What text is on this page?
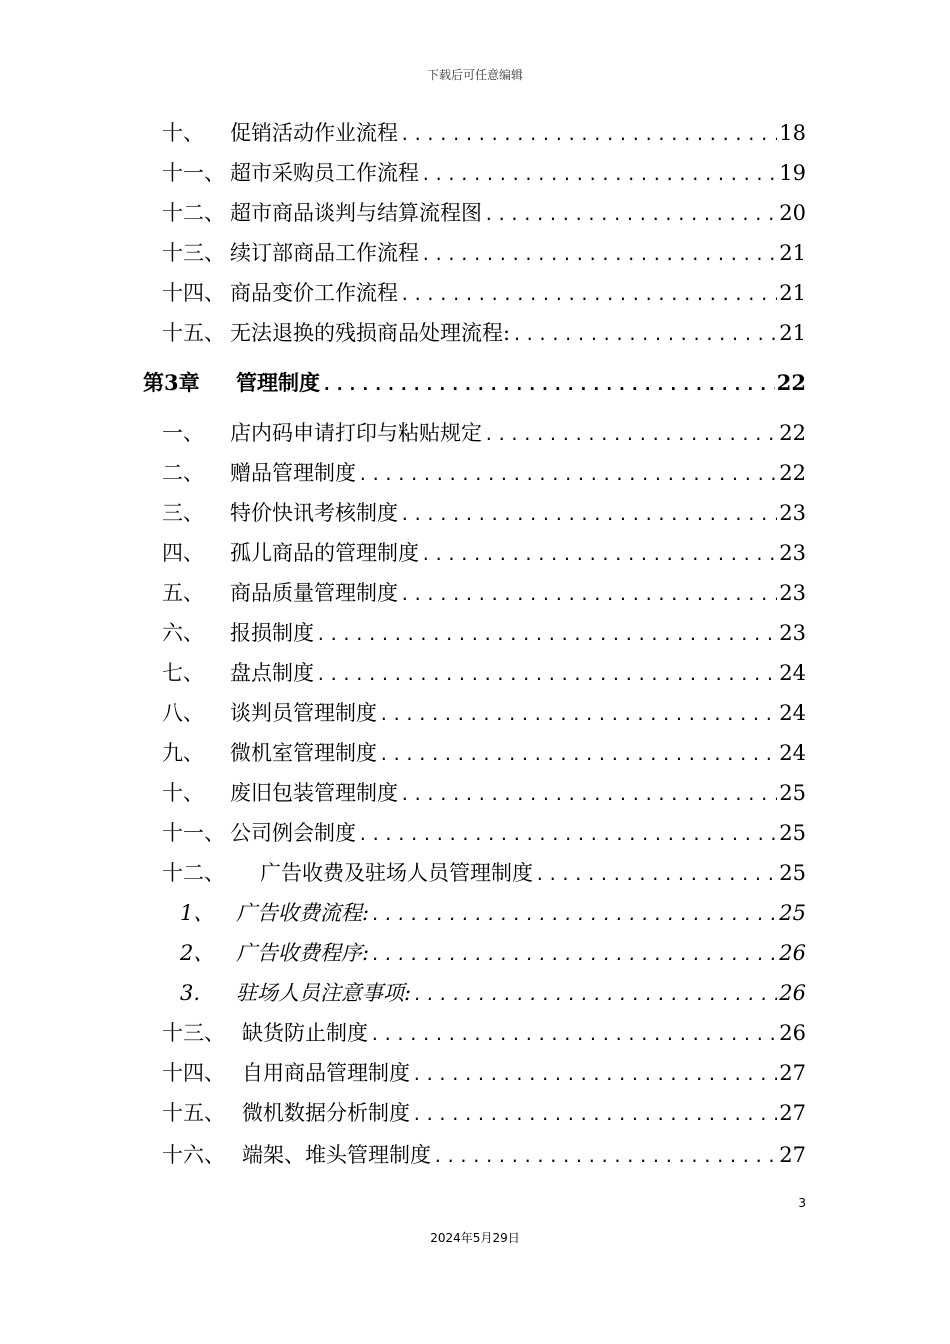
下载后可任意编辑
十、 促销活动作业流程 .....	18
十一、 超市采购员工作流程 .....	19
十二、 超市商品谈判与结算流程图 .....	20
十三、 续订部商品工作流程 .....	21
十四、 商品变价工作流程 .....	21
十五、 无法退换的残损商品处理流程: .....	21
第3章 管理制度 .....	22
一、 店内码申请打印与粘贴规定 .....	22
二、 赠品管理制度 .....	22
三、 特价快讯考核制度 .....	23
四、 孤儿商品的管理制度 .....	23
五、 商品质量管理制度 .....	23
六、 报损制度 .....	23
七、 盘点制度 .....	24
八、 谈判员管理制度 .....	24
九、 微机室管理制度 .....	24
十、 废旧包装管理制度 .....	25
十一、 公司例会制度 .....	25
十二、 广告收费及驻场人员管理制度 .....	25
1、 广告收费流程: .....	25
2、 广告收费程序: .....	26
3. 驻场人员注意事项: .....	26
十三、 缺货防止制度 .....	26
十四、 自用商品管理制度 .....	27
十五、 微机数据分析制度 .....	27
十六、 端架、堆头管理制度 .....	27
3
2024年5月29日
